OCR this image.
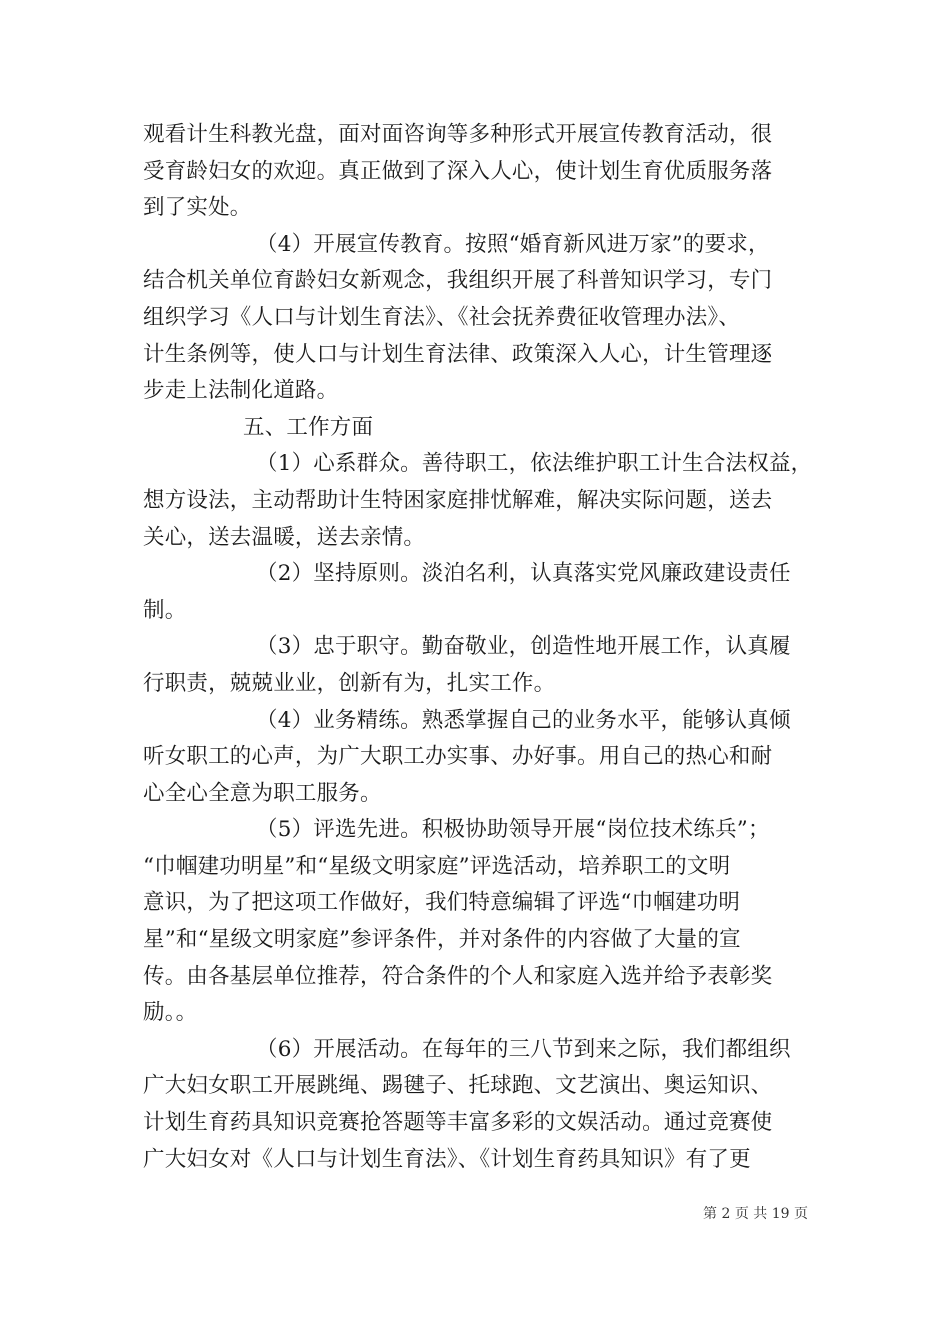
观看计生科教光盘，面对面咨询等多种形式开展宣传教育活动，很
受育龄妇女的欢迎。真正做到了深入人心，使计划生育优质服务落
到了实处。
（4）开展宣传教育。按照“婚育新风进万家”的要求，
结合机关单位育龄妇女新观念，我组织开展了科普知识学习，专门
组织学习《人口与计划生育法》、《社会抚养费征收管理办法》、
计生条例等，使人口与计划生育法律、政策深入人心，计生管理逐
步走上法制化道路。
五、工作方面
（1）心系群众。善待职工，依法维护职工计生合法权益，
想方设法，主动帮助计生特困家庭排忧解难，解决实际问题，送去
关心，送去温暖，送去亲情。
（2）坚持原则。淡泊名利，认真落实党风廉政建设责任
制。
（3）忠于职守。勤奋敬业，创造性地开展工作，认真履
行职责，兢兢业业，创新有为，扎实工作。
（4）业务精练。熟悉掌握自己的业务水平，能够认真倾
听女职工的心声，为广大职工办实事、办好事。用自己的热心和耐
心全心全意为职工服务。
（5）评选先进。积极协助领导开展“岗位技术练兵”；
“巾帼建功明星”和“星级文明家庭”评选活动，培养职工的文明
意识，为了把这项工作做好，我们特意编辑了评选“巾帼建功明
星”和“星级文明家庭”参评条件，并对条件的内容做了大量的宣
传。由各基层单位推荐，符合条件的个人和家庭入选并给予表彰奖
励。。
（6）开展活动。在每年的三八节到来之际，我们都组织
广大妇女职工开展跳绳、踢毽子、托球跑、文艺演出、奥运知识、
计划生育药具知识竞赛抢答题等丰富多彩的文娱活动。通过竞赛使
广大妇女对《人口与计划生育法》、《计划生育药具知识》有了更
第 2 页 共 19 页
